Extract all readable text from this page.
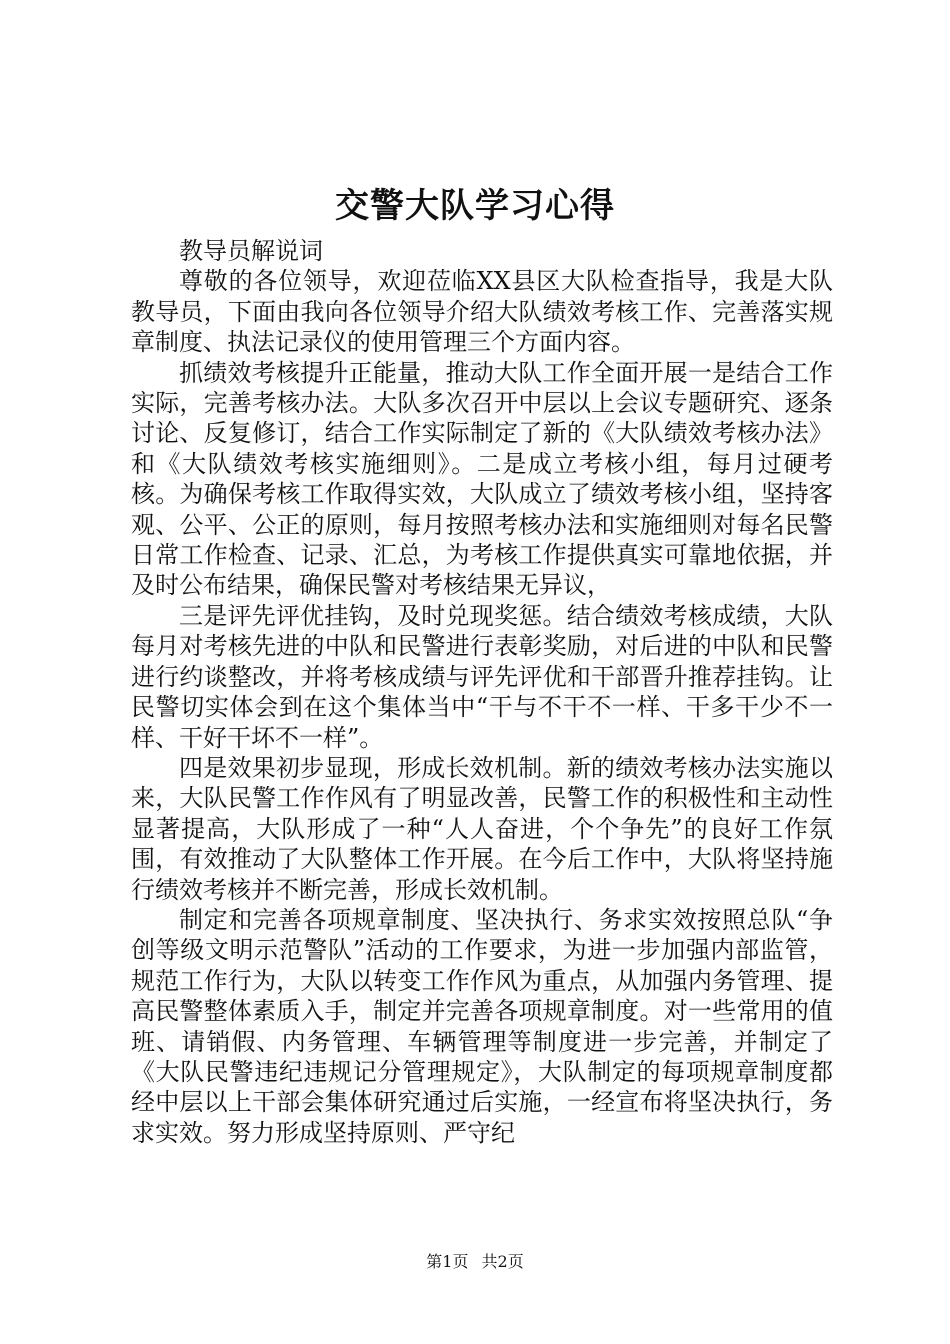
交警大队学习心得

教导员解说词

尊敬的各位领导，欢迎莅临XX县区大队检查指导，我是大队教导员，下面由我向各位领导介绍大队绩效考核工作、完善落实规章制度、执法记录仪的使用管理三个方面内容。

抓绩效考核提升正能量，推动大队工作全面开展一是结合工作实际，完善考核办法。大队多次召开中层以上会议专题研究、逐条讨论、反复修订，结合工作实际制定了新的《大队绩效考核办法》和《大队绩效考核实施细则》。二是成立考核小组，每月过硬考核。为确保考核工作取得实效，大队成立了绩效考核小组，坚持客观、公平、公正的原则，每月按照考核办法和实施细则对每名民警日常工作检查、记录、汇总，为考核工作提供真实可靠地依据，并及时公布结果，确保民警对考核结果无异议，

三是评先评优挂钩，及时兑现奖惩。结合绩效考核成绩，大队每月对考核先进的中队和民警进行表彰奖励，对后进的中队和民警进行约谈整改，并将考核成绩与评先评优和干部晋升推荐挂钩。让民警切实体会到在这个集体当中“干与不干不一样、干多干少不一样、干好干坏不一样”。

四是效果初步显现，形成长效机制。新的绩效考核办法实施以来，大队民警工作作风有了明显改善，民警工作的积极性和主动性显著提高，大队形成了一种“人人奋进，个个争先”的良好工作氛围，有效推动了大队整体工作开展。在今后工作中，大队将坚持施行绩效考核并不断完善，形成长效机制。

制定和完善各项规章制度、坚决执行、务求实效按照总队“争创等级文明示范警队”活动的工作要求，为进一步加强内部监管，规范工作行为，大队以转变工作作风为重点，从加强内务管理、提高民警整体素质入手，制定并完善各项规章制度。对一些常用的值班、请销假、内务管理、车辆管理等制度进一步完善，并制定了《大队民警违纪违规记分管理规定》，大队制定的每项规章制度都经中层以上干部会集体研究通过后实施，一经宣布将坚决执行，务求实效。努力形成坚持原则、严守纪

第1页 共2页
